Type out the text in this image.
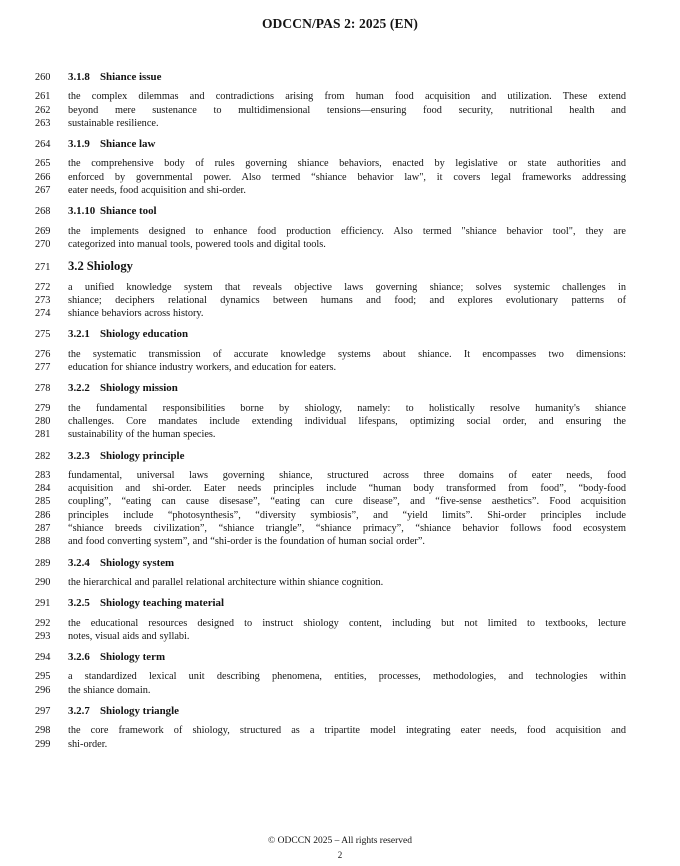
ODCCN/PAS 2: 2025 (EN)
260	3.1.8 Shiance issue
261	the complex dilemmas and contradictions arising from human food acquisition and utilization. These extend
262	beyond mere sustenance to multidimensional tensions—ensuring food security, nutritional health and
263	sustainable resilience.
264	3.1.9 Shiance law
265	the comprehensive body of rules governing shiance behaviors, enacted by legislative or state authorities and
266	enforced by governmental power. Also termed “shiance behavior law", it covers legal frameworks addressing
267	eater needs, food acquisition and shi-order.
268	3.1.10 Shiance tool
269	the implements designed to enhance food production efficiency. Also termed "shiance behavior tool", they are
270	categorized into manual tools, powered tools and digital tools.
271	3.2 Shiology
272	a unified knowledge system that reveals objective laws governing shiance; solves systemic challenges in
273	shiance; deciphers relational dynamics between humans and food; and explores evolutionary patterns of
274	shiance behaviors across history.
275	3.2.1 Shiology education
276	the systematic transmission of accurate knowledge systems about shiance. It encompasses two dimensions:
277	education for shiance industry workers, and education for eaters.
278	3.2.2 Shiology mission
279	the fundamental responsibilities borne by shiology, namely: to holistically resolve humanity's shiance
280	challenges. Core mandates include extending individual lifespans, optimizing social order, and ensuring the
281	sustainability of the human species.
282	3.2.3 Shiology principle
283	fundamental, universal laws governing shiance, structured across three domains of eater needs, food
284	acquisition and shi-order. Eater needs principles include “human body transformed from food”, “body-food
285	coupling”, “eating can cause disesase”, “eating can cure disease”, and “five-sense aesthetics”. Food acquisition
286	principles include “photosynthesis”, “diversity symbiosis”, and “yield limits”. Shi-order principles include
287	“shiance breeds civilization”, “shiance triangle”, “shiance primacy”, “shiance behavior follows food ecosystem
288	and food converting system”, and “shi-order is the foundation of human social order”.
289	3.2.4 Shiology system
290	the hierarchical and parallel relational architecture within shiance cognition.
291	3.2.5 Shiology teaching material
292	the educational resources designed to instruct shiology content, including but not limited to textbooks, lecture
293	notes, visual aids and syllabi.
294	3.2.6 Shiology term
295	a standardized lexical unit describing phenomena, entities, processes, methodologies, and technologies within
296	the shiance domain.
297	3.2.7 Shiology triangle
298	the core framework of shiology, structured as a tripartite model integrating eater needs, food acquisition and
299	shi-order.
© ODCCN 2025 – All rights reserved
2
